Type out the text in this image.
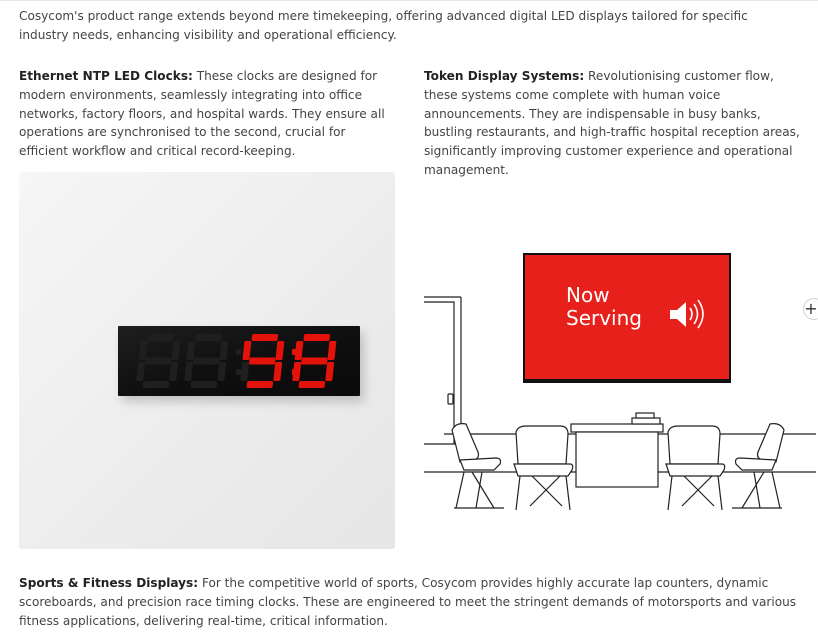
Cosycom's product range extends beyond mere timekeeping, offering advanced digital LED displays tailored for specific industry needs, enhancing visibility and operational efficiency.

Ethernet NTP LED Clocks: These clocks are designed for modern environments, seamlessly integrating into office networks, factory floors, and hospital wards. They ensure all operations are synchronised to the second, crucial for efficient workflow and critical record-keeping.

Token Display Systems: Revolutionising customer flow, these systems come complete with human voice announcements. They are indispensable in busy banks, bustling restaurants, and high-traffic hospital reception areas, significantly improving customer experience and operational management.

Now
Serving	+

Sports & Fitness Displays: For the competitive world of sports, Cosycom provides highly accurate lap counters, dynamic scoreboards, and precision race timing clocks. These are engineered to meet the stringent demands of motorsports and various fitness applications, delivering real-time, critical information.
